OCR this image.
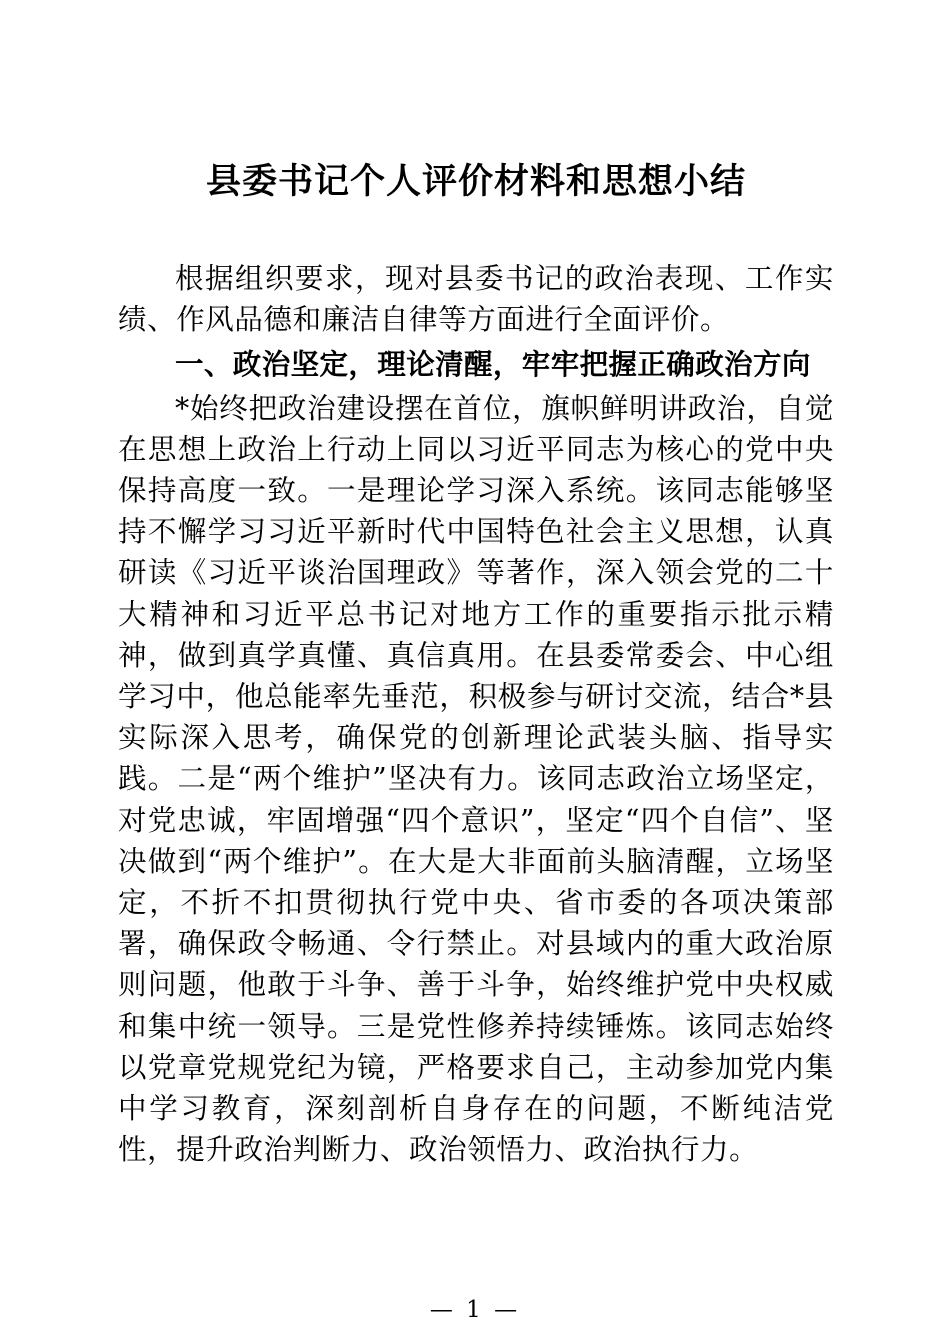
县委书记个人评价材料和思想小结

根据组织要求，现对县委书记的政治表现、工作实绩、作风品德和廉洁自律等方面进行全面评价。

一、政治坚定，理论清醒，牢牢把握正确政治方向

*始终把政治建设摆在首位，旗帜鲜明讲政治，自觉在思想上政治上行动上同以习近平同志为核心的党中央保持高度一致。一是理论学习深入系统。该同志能够坚持不懈学习习近平新时代中国特色社会主义思想，认真研读《习近平谈治国理政》等著作，深入领会党的二十大精神和习近平总书记对地方工作的重要指示批示精神，做到真学真懂、真信真用。在县委常委会、中心组学习中，他总能率先垂范，积极参与研讨交流，结合*县实际深入思考，确保党的创新理论武装头脑、指导实践。二是“两个维护”坚决有力。该同志政治立场坚定，对党忠诚，牢固增强“四个意识”，坚定“四个自信”、坚决做到“两个维护”。在大是大非面前头脑清醒，立场坚定，不折不扣贯彻执行党中央、省市委的各项决策部署，确保政令畅通、令行禁止。对县域内的重大政治原则问题，他敢于斗争、善于斗争，始终维护党中央权威和集中统一领导。三是党性修养持续锤炼。该同志始终以党章党规党纪为镜，严格要求自己，主动参加党内集中学习教育，深刻剖析自身存在的问题，不断纯洁党性，提升政治判断力、政治领悟力、政治执行力。

— 1 —
